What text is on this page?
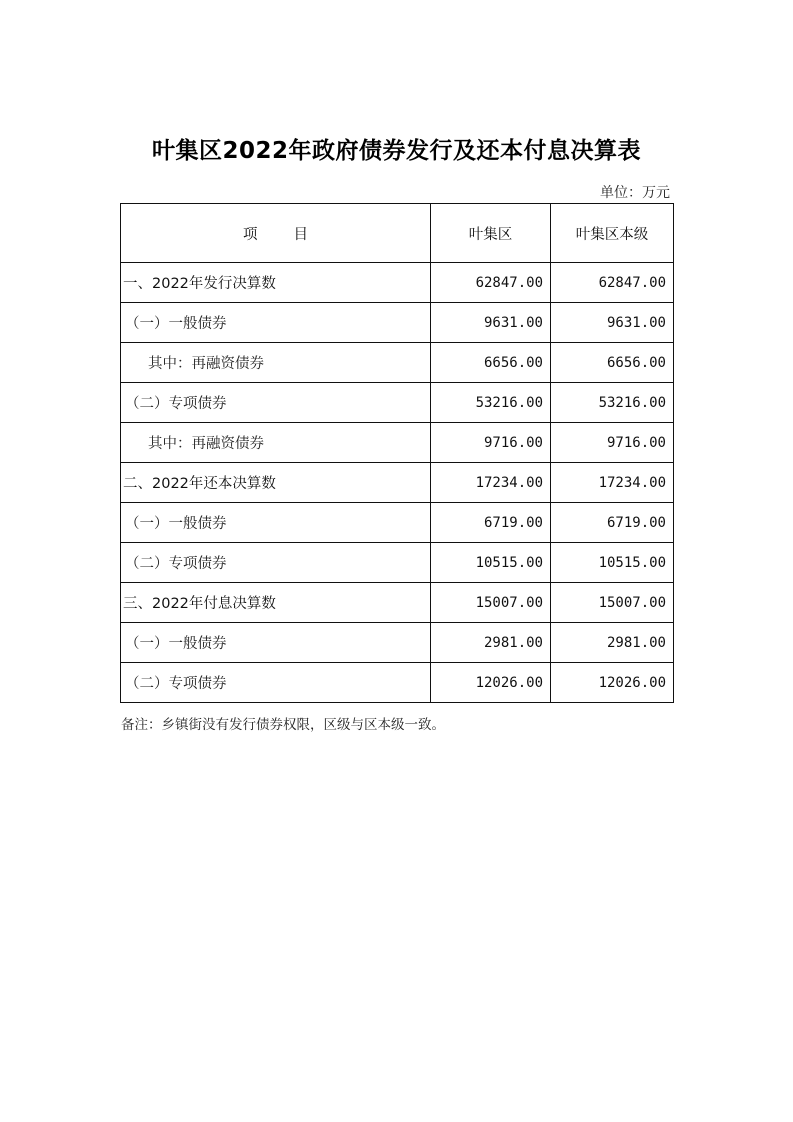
叶集区2022年政府债券发行及还本付息决算表
单位：万元
项 目	叶集区	叶集区本级
一、2022年发行决算数	62847.00	62847.00
（一）一般债券	9631.00	9631.00
其中：再融资债券	6656.00	6656.00
（二）专项债券	53216.00	53216.00
其中：再融资债券	9716.00	9716.00
二、2022年还本决算数	17234.00	17234.00
（一）一般债券	6719.00	6719.00
（二）专项债券	10515.00	10515.00
三、2022年付息决算数	15007.00	15007.00
（一）一般债券	2981.00	2981.00
（二）专项债券	12026.00	12026.00
备注：乡镇街没有发行债券权限，区级与区本级一致。
